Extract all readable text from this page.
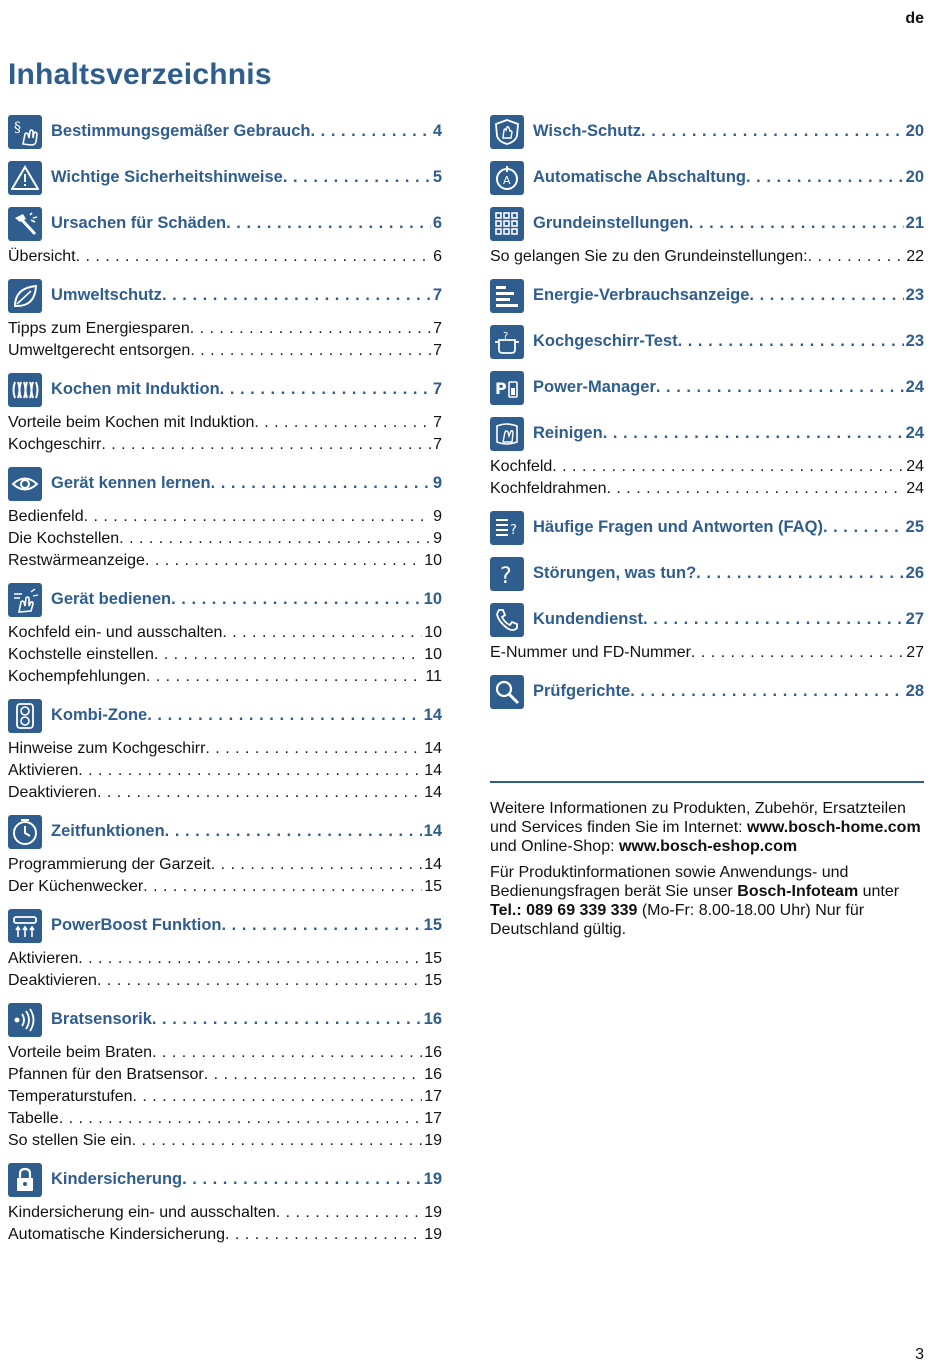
de
Inhaltsverzeichnis
§ Bestimmungsgemäßer Gebrauch . . .	4
Wichtige Sicherheitshinweise . . .	5
Ursachen für Schäden . . .	6
Übersicht . . .	6
Umweltschutz . . .	7
Tipps zum Energiesparen . . .	7
Umweltgerecht entsorgen . . .	7
Kochen mit Induktion . . .	7
Vorteile beim Kochen mit Induktion . . .	7
Kochgeschirr . . .	7
Gerät kennen lernen . . .	9
Bedienfeld . . .	9
Die Kochstellen . . .	9
Restwärmeanzeige . . .	10
Gerät bedienen . . .	10
Kochfeld ein- und ausschalten . . .	10
Kochstelle einstellen . . .	10
Kochempfehlungen . . .	11
Kombi-Zone . . .	14
Hinweise zum Kochgeschirr . . .	14
Aktivieren . . .	14
Deaktivieren . . .	14
Zeitfunktionen . . .	14
Programmierung der Garzeit . . .	14
Der Küchenwecker . . .	15
PowerBoost Funktion . . .	15
Aktivieren . . .	15
Deaktivieren . . .	15
Bratsensorik . . .	16
Vorteile beim Braten . . .	16
Pfannen für den Bratsensor . . .	16
Temperaturstufen . . .	17
Tabelle . . .	17
So stellen Sie ein . . .	19
Kindersicherung . . .	19
Kindersicherung ein- und ausschalten . . .	19
Automatische Kindersicherung . . .	19
Wisch-Schutz . . .	20
A Automatische Abschaltung . . .	20
Grundeinstellungen . . .	21
So gelangen Sie zu den Grundeinstellungen: . . .	22
Energie-Verbrauchsanzeige . . .	23
? Kochgeschirr-Test . . .	23
P Power-Manager . . .	24
Reinigen . . .	24
Kochfeld . . .	24
Kochfeldrahmen . . .	24
? Häufige Fragen und Antworten (FAQ) . . .	25
? Störungen, was tun? . . .	26
Kundendienst . . .	27
E-Nummer und FD-Nummer . . .	27
Prüfgerichte . . .	28

Weitere Informationen zu Produkten, Zubehör, Ersatzteilen und Services finden Sie im Internet: www.bosch-home.com und Online-Shop: www.bosch-eshop.com

Für Produktinformationen sowie Anwendungs- und Bedienungsfragen berät Sie unser Bosch-Infoteam unter Tel.: 089 69 339 339 (Mo-Fr: 8.00-18.00 Uhr) Nur für Deutschland gültig.

3
